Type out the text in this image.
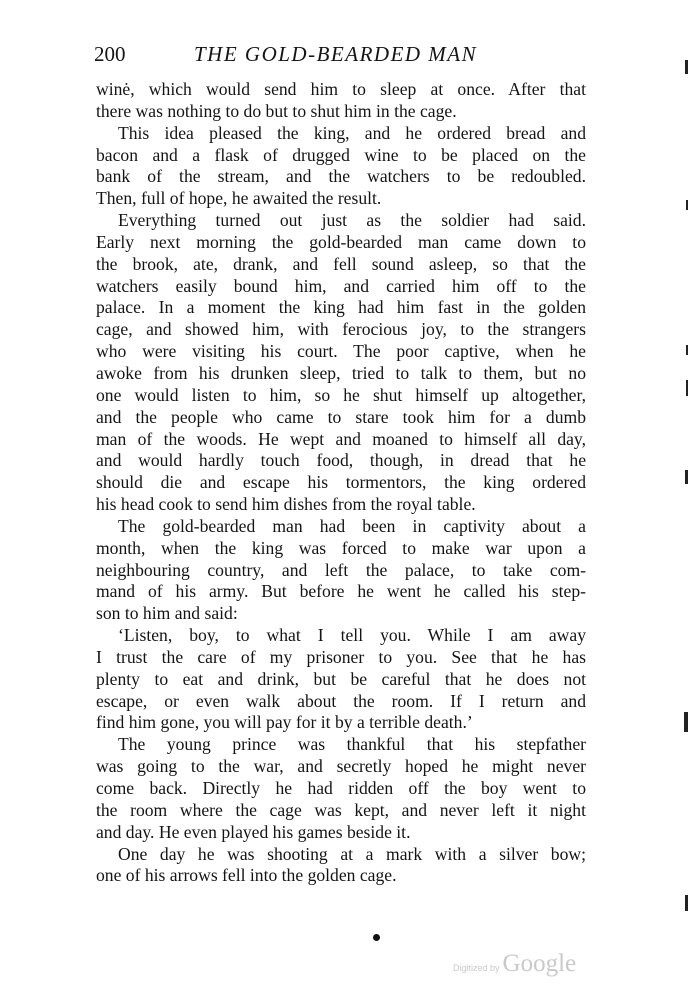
200	THE GOLD-BEARDED MAN
winė, which would send him to sleep at once. After that
there was nothing to do but to shut him in the cage.
This idea pleased the king, and he ordered bread and
bacon and a flask of drugged wine to be placed on the
bank of the stream, and the watchers to be redoubled.
Then, full of hope, he awaited the result.
Everything turned out just as the soldier had said.
Early next morning the gold-bearded man came down to
the brook, ate, drank, and fell sound asleep, so that the
watchers easily bound him, and carried him off to the
palace. In a moment the king had him fast in the golden
cage, and showed him, with ferocious joy, to the strangers
who were visiting his court. The poor captive, when he
awoke from his drunken sleep, tried to talk to them, but no
one would listen to him, so he shut himself up altogether,
and the people who came to stare took him for a dumb
man of the woods. He wept and moaned to himself all day,
and would hardly touch food, though, in dread that he
should die and escape his tormentors, the king ordered
his head cook to send him dishes from the royal table.
The gold-bearded man had been in captivity about a
month, when the king was forced to make war upon a
neighbouring country, and left the palace, to take com-
mand of his army. But before he went he called his step-
son to him and said:
‘Listen, boy, to what I tell you. While I am away
I trust the care of my prisoner to you. See that he has
plenty to eat and drink, but be careful that he does not
escape, or even walk about the room. If I return and
find him gone, you will pay for it by a terrible death.’
The young prince was thankful that his stepfather
was going to the war, and secretly hoped he might never
come back. Directly he had ridden off the boy went to
the room where the cage was kept, and never left it night
and day. He even played his games beside it.
One day he was shooting at a mark with a silver bow;
one of his arrows fell into the golden cage.
Digitized by Google
